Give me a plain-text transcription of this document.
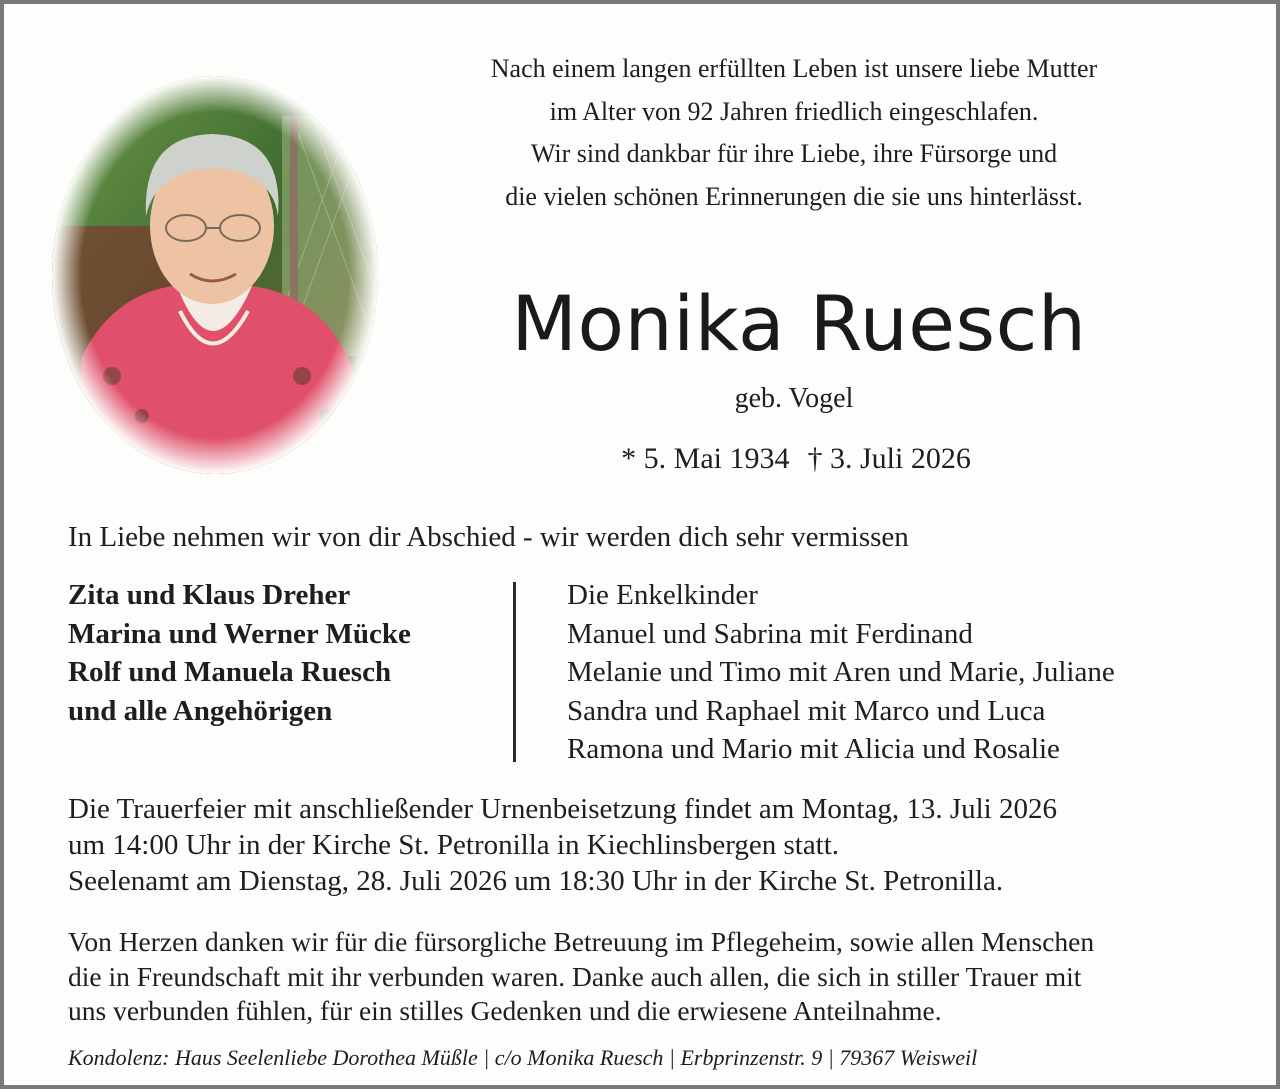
Nach einem langen erfüllten Leben ist unsere liebe Mutter
im Alter von 92 Jahren friedlich eingeschlafen.
Wir sind dankbar für ihre Liebe, ihre Fürsorge und
die vielen schönen Erinnerungen die sie uns hinterlässt.
Monika Ruesch
geb. Vogel
* 5. Mai 1934 † 3. Juli 2026
In Liebe nehmen wir von dir Abschied - wir werden dich sehr vermissen
Zita und Klaus Dreher
Marina und Werner Mücke
Rolf und Manuela Ruesch
und alle Angehörigen
Die Enkelkinder
Manuel und Sabrina mit Ferdinand
Melanie und Timo mit Aren und Marie, Juliane
Sandra und Raphael mit Marco und Luca
Ramona und Mario mit Alicia und Rosalie
Die Trauerfeier mit anschließender Urnenbeisetzung findet am Montag, 13. Juli 2026
um 14:00 Uhr in der Kirche St. Petronilla in Kiechlinsbergen statt.
Seelenamt am Dienstag, 28. Juli 2026 um 18:30 Uhr in der Kirche St. Petronilla.
Von Herzen danken wir für die fürsorgliche Betreuung im Pflegeheim, sowie allen Menschen
die in Freundschaft mit ihr verbunden waren. Danke auch allen, die sich in stiller Trauer mit
uns verbunden fühlen, für ein stilles Gedenken und die erwiesene Anteilnahme.
Kondolenz: Haus Seelenliebe Dorothea Müßle | c/o Monika Ruesch | Erbprinzenstr. 9 | 79367 Weisweil
